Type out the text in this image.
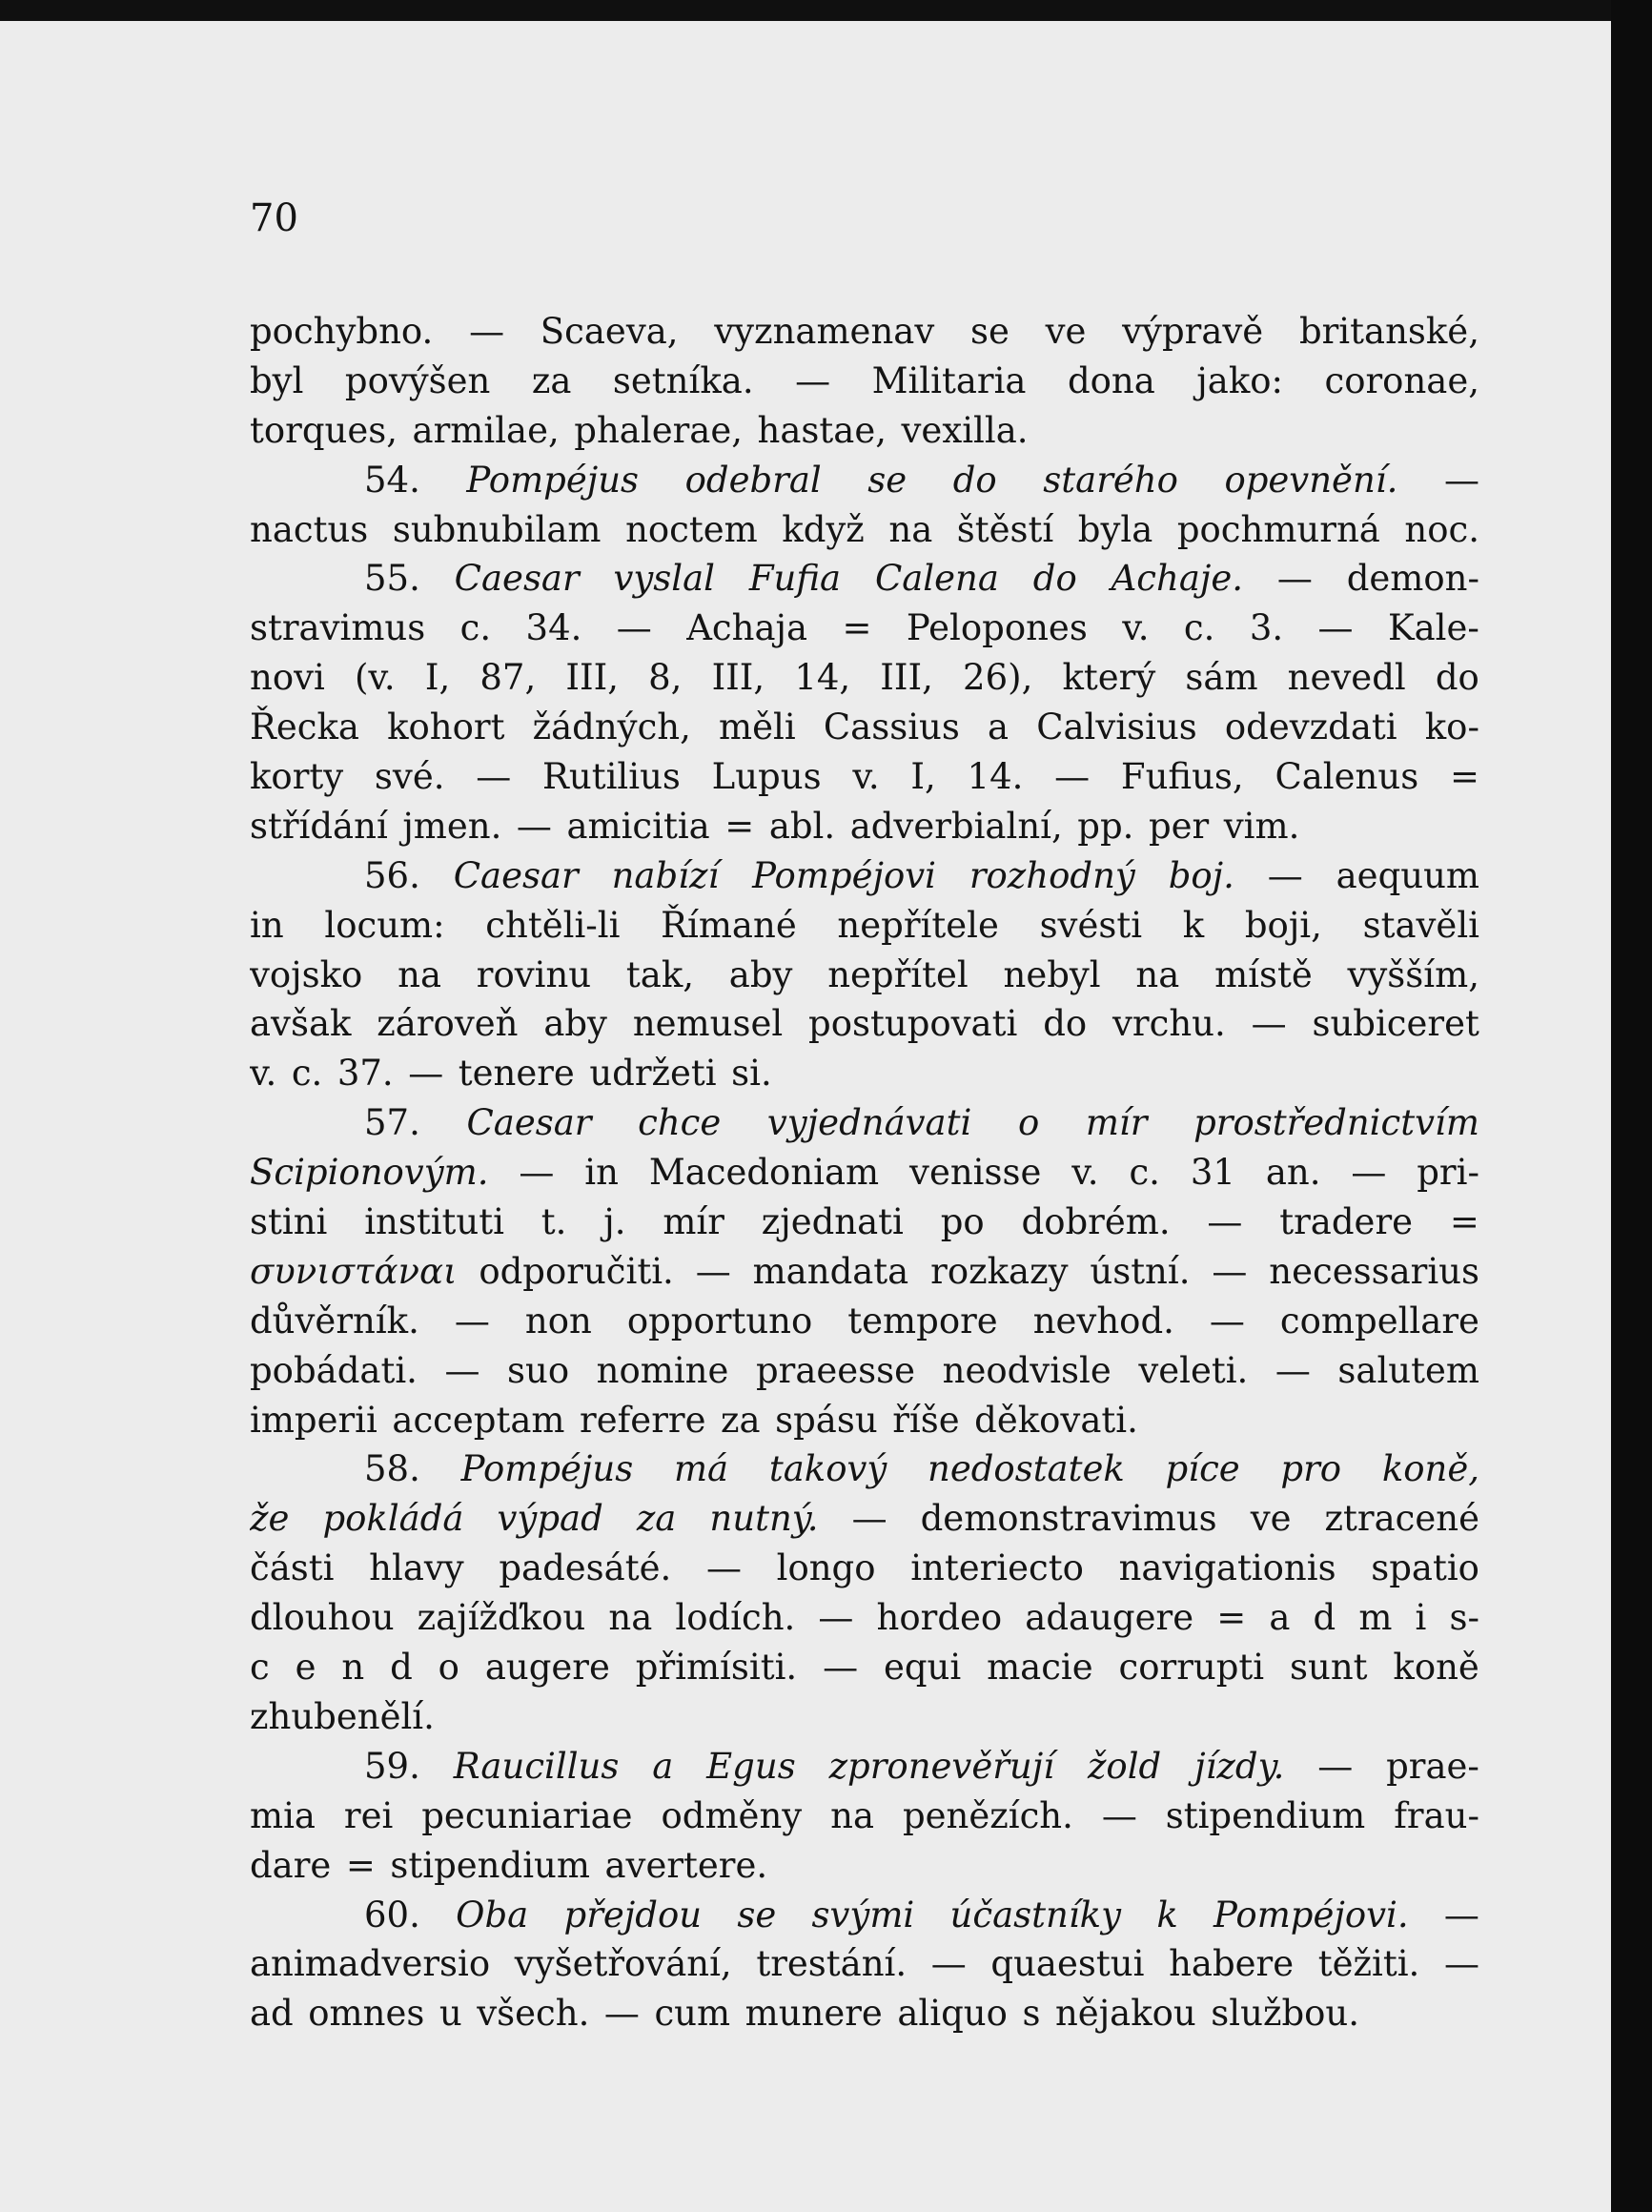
70

pochybno. — Scaeva, vyznamenav se ve výpravě britanské,
byl povýšen za setníka. — Militaria dona jako: coronae,
torques, armilae, phalerae, hastae, vexilla.
54. Pompéjus odebral se do starého opevnění. —
nactus subnubilam noctem když na štěstí byla pochmurná noc.
55. Caesar vyslal Fufia Calena do Achaje. — demon-
stravimus c. 34. — Achaja = Pelopones v. c. 3. — Kale-
novi (v. I, 87, III, 8, III, 14, III, 26), který sám nevedl do
Řecka kohort žádných, měli Cassius a Calvisius odevzdati ko-
korty své. — Rutilius Lupus v. I, 14. — Fufius, Calenus =
střídání jmen. — amicitia = abl. adverbialní, pp. per vim.
56. Caesar nabízí Pompéjovi rozhodný boj. — aequum
in locum: chtěli-li Římané nepřítele svésti k boji, stavěli
vojsko na rovinu tak, aby nepřítel nebyl na místě vyšším,
avšak zároveň aby nemusel postupovati do vrchu. — subiceret
v. c. 37. — tenere udržeti si.
57. Caesar chce vyjednávati o mír prostřednictvím
Scipionovým. — in Macedoniam venisse v. c. 31 an. — pri-
stini instituti t. j. mír zjednati po dobrém. — tradere =
συνιστάναι odporučiti. — mandata rozkazy ústní. — necessarius
důvěrník. — non opportuno tempore nevhod. — compellare
pobádati. — suo nomine praeesse neodvisle veleti. — salutem
imperii acceptam referre za spásu říše děkovati.
58. Pompéjus má takový nedostatek píce pro koně,
že pokládá výpad za nutný. — demonstravimus ve ztracené
části hlavy padesáté. — longo interiecto navigationis spatio
dlouhou zajížďkou na lodích. — hordeo adaugere = a d m i s-
c e n d o augere přimísiti. — equi macie corrupti sunt koně
zhubenělí.
59. Raucillus a Egus zpronevěřují žold jízdy. — prae-
mia rei pecuniariae odměny na penězích. — stipendium frau-
dare = stipendium avertere.
60. Oba přejdou se svými účastníky k Pompéjovi. —
animadversio vyšetřování, trestání. — quaestui habere těžiti. —
ad omnes u všech. — cum munere aliquo s nějakou službou.
